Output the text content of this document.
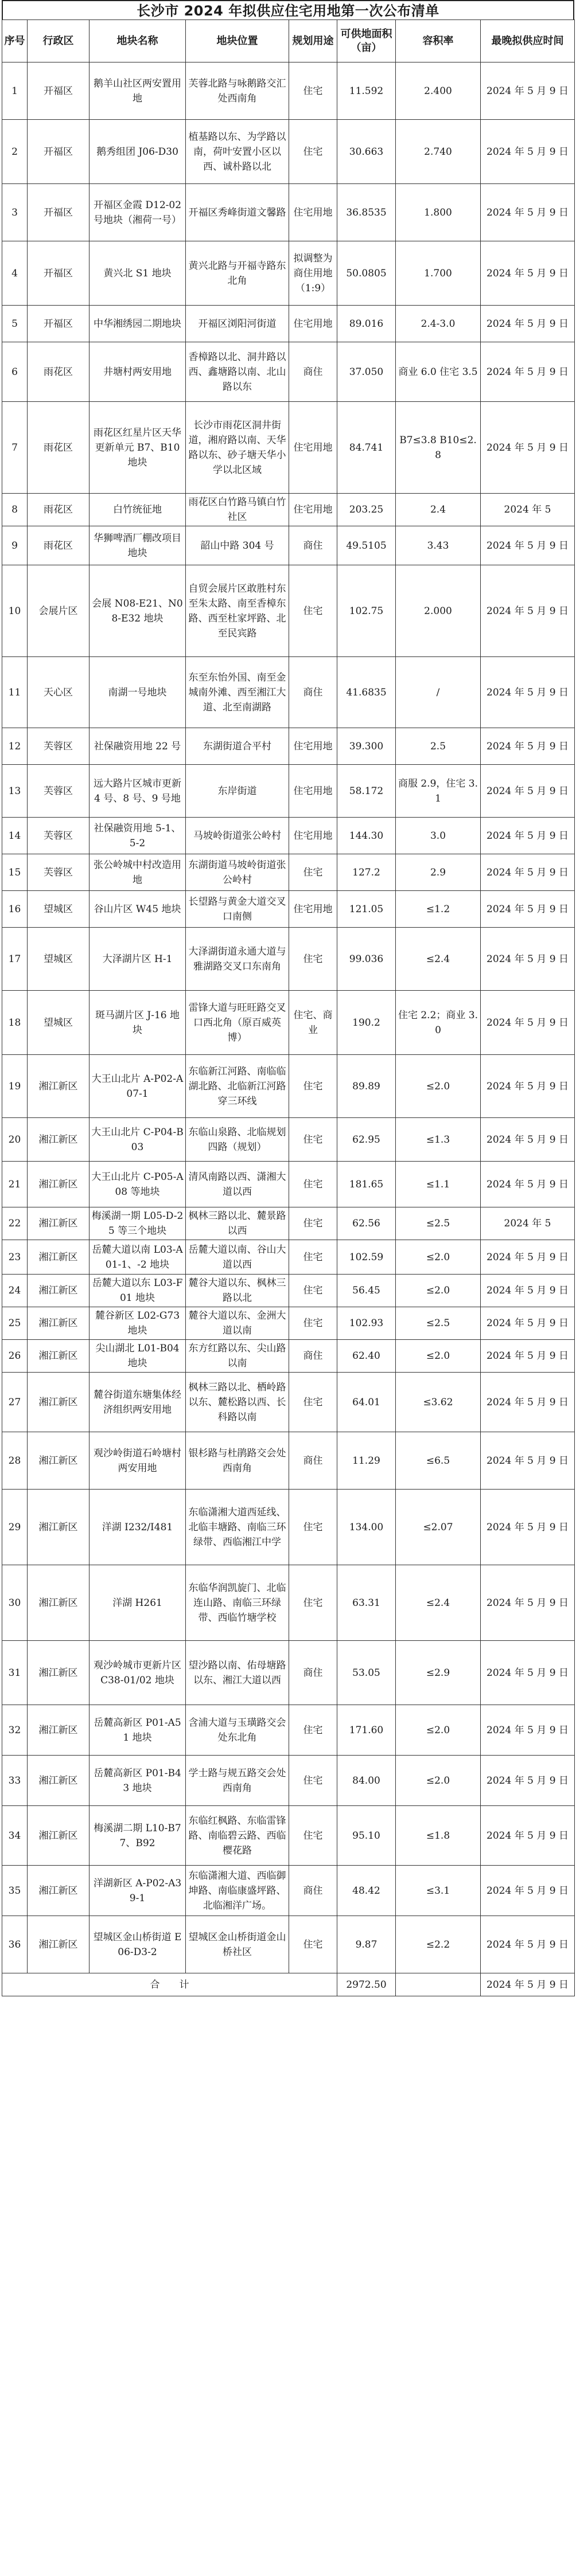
长沙市 2024 年拟供应住宅用地第一次公布清单
序号	行政区	地块名称	地块位置	规划用途	可供地面积（亩）	容积率	最晚拟供应时间
1	开福区	鹅羊山社区两安置用地	芙蓉北路与咏鹅路交汇处西南角	住宅	11.592	2.400	2024 年 5 月 9 日
2	开福区	鹅秀组团 J06-D30	植基路以东、为学路以南，荷叶安置小区以西、诚朴路以北	住宅	30.663	2.740	2024 年 5 月 9 日
3	开福区	开福区金霞 D12-02 号地块（湘荷一号）	开福区秀峰街道文馨路	住宅用地	36.8535	1.800	2024 年 5 月 9 日
4	开福区	黄兴北 S1 地块	黄兴北路与开福寺路东北角	拟调整为商住用地（1:9）	50.0805	1.700	2024 年 5 月 9 日
5	开福区	中华湘绣园二期地块	开福区浏阳河街道	住宅用地	89.016	2.4-3.0	2024 年 5 月 9 日
6	雨花区	井塘村两安用地	香樟路以北、洞井路以西、鑫塘路以南、北山路以东	商住	37.050	商业 6.0 住宅 3.5	2024 年 5 月 9 日
7	雨花区	雨花区红星片区天华更新单元 B7、B10 地块	长沙市雨花区洞井街道，湘府路以南、天华路以东、砂子塘天华小学以北区域	住宅用地	84.741	B7≤3.8 B10≤2.8	2024 年 5 月 9 日
8	雨花区	白竹统征地	雨花区白竹路马镇白竹社区	住宅用地	203.25	2.4	2024 年 5
9	雨花区	华狮啤酒厂棚改项目地块	韶山中路 304 号	商住	49.5105	3.43	2024 年 5 月 9 日
10	会展片区	会展 N08-E21、N08-E32 地块	自贸会展片区敢胜村东至朱太路、南至香樟东路、西至杜家坪路、北至民宾路	住宅	102.75	2.000	2024 年 5 月 9 日
11	天心区	南湖一号地块	东至东怡外国、南至金城南外滩、西至湘江大道、北至南湖路	商住	41.6835	/	2024 年 5 月 9 日
12	芙蓉区	社保融资用地 22 号	东湖街道合平村	住宅用地	39.300	2.5	2024 年 5 月 9 日
13	芙蓉区	远大路片区城市更新 4 号、8 号、9 号地	东岸街道	住宅用地	58.172	商服 2.9，住宅 3.1	2024 年 5 月 9 日
14	芙蓉区	社保融资用地 5-1、5-2	马坡岭街道张公岭村	住宅用地	144.30	3.0	2024 年 5 月 9 日
15	芙蓉区	张公岭城中村改造用地	东湖街道马坡岭街道张公岭村	住宅	127.2	2.9	2024 年 5 月 9 日
16	望城区	谷山片区 W45 地块	长望路与黄金大道交叉口南侧	住宅用地	121.05	≤1.2	2024 年 5 月 9 日
17	望城区	大泽湖片区 H-1	大泽湖街道永通大道与雅湖路交叉口东南角	住宅	99.036	≤2.4	2024 年 5 月 9 日
18	望城区	斑马湖片区 J-16 地块	雷锋大道与旺旺路交叉口西北角（原百威英博）	住宅、商业	190.2	住宅 2.2；商业 3.0	2024 年 5 月 9 日
19	湘江新区	大王山北片 A-P02-A07-1	东临新江河路、南临临湖北路、北临新江河路穿三环线	住宅	89.89	≤2.0	2024 年 5 月 9 日
20	湘江新区	大王山北片 C-P04-B03	东临山泉路、北临规划四路（规划）	住宅	62.95	≤1.3	2024 年 5 月 9 日
21	湘江新区	大王山北片 C-P05-A08 等地块	清风南路以西、潇湘大道以西	住宅	181.65	≤1.1	2024 年 5 月 9 日
22	湘江新区	梅溪湖一期 L05-D-25 等三个地块	枫林三路以北、麓景路以西	住宅	62.56	≤2.5	2024 年 5
23	湘江新区	岳麓大道以南 L03-A01-1、-2 地块	岳麓大道以南、谷山大道以西	住宅	102.59	≤2.0	2024 年 5 月 9 日
24	湘江新区	岳麓大道以东 L03-F01 地块	麓谷大道以东、枫林三路以北	住宅	56.45	≤2.0	2024 年 5 月 9 日
25	湘江新区	麓谷新区 L02-G73 地块	麓谷大道以东、金洲大道以南	住宅	102.93	≤2.5	2024 年 5 月 9 日
26	湘江新区	尖山湖北 L01-B04 地块	东方红路以东、尖山路以南	商住	62.40	≤2.0	2024 年 5 月 9 日
27	湘江新区	麓谷街道东塘集体经济组织两安用地	枫林三路以北、栖岭路以东、麓松路以西、长科路以南	住宅	64.01	≤3.62	2024 年 5 月 9 日
28	湘江新区	观沙岭街道石岭塘村两安用地	银杉路与杜鹃路交会处西南角	商住	11.29	≤6.5	2024 年 5 月 9 日
29	湘江新区	洋湖 I232/I481	东临潇湘大道西延线、北临丰塘路、南临三环绿带、西临湘江中学	住宅	134.00	≤2.07	2024 年 5 月 9 日
30	湘江新区	洋湖 H261	东临华润凯旋门、北临连山路、南临三环绿带、西临竹塘学校	住宅	63.31	≤2.4	2024 年 5 月 9 日
31	湘江新区	观沙岭城市更新片区 C38-01/02 地块	望沙路以南、佑母塘路以东、湘江大道以西	商住	53.05	≤2.9	2024 年 5 月 9 日
32	湘江新区	岳麓高新区 P01-A51 地块	含浦大道与玉璜路交会处东北角	住宅	171.60	≤2.0	2024 年 5 月 9 日
33	湘江新区	岳麓高新区 P01-B43 地块	学士路与规五路交会处西南角	住宅	84.00	≤2.0	2024 年 5 月 9 日
34	湘江新区	梅溪湖二期 L10-B77、B92	东临红枫路、东临雷锋路、南临碧云路、西临樱花路	住宅	95.10	≤1.8	2024 年 5 月 9 日
35	湘江新区	洋湖新区 A-P02-A39-1	东临潇湘大道、西临御坤路、南临康盛坪路、北临湘洋广场。	商住	48.42	≤3.1	2024 年 5 月 9 日
36	湘江新区	望城区金山桥街道 E06-D3-2	望城区金山桥街道金山桥社区	住宅	9.87	≤2.2	2024 年 5 月 9 日
合　　计					2972.50		2024 年 5 月 9 日
